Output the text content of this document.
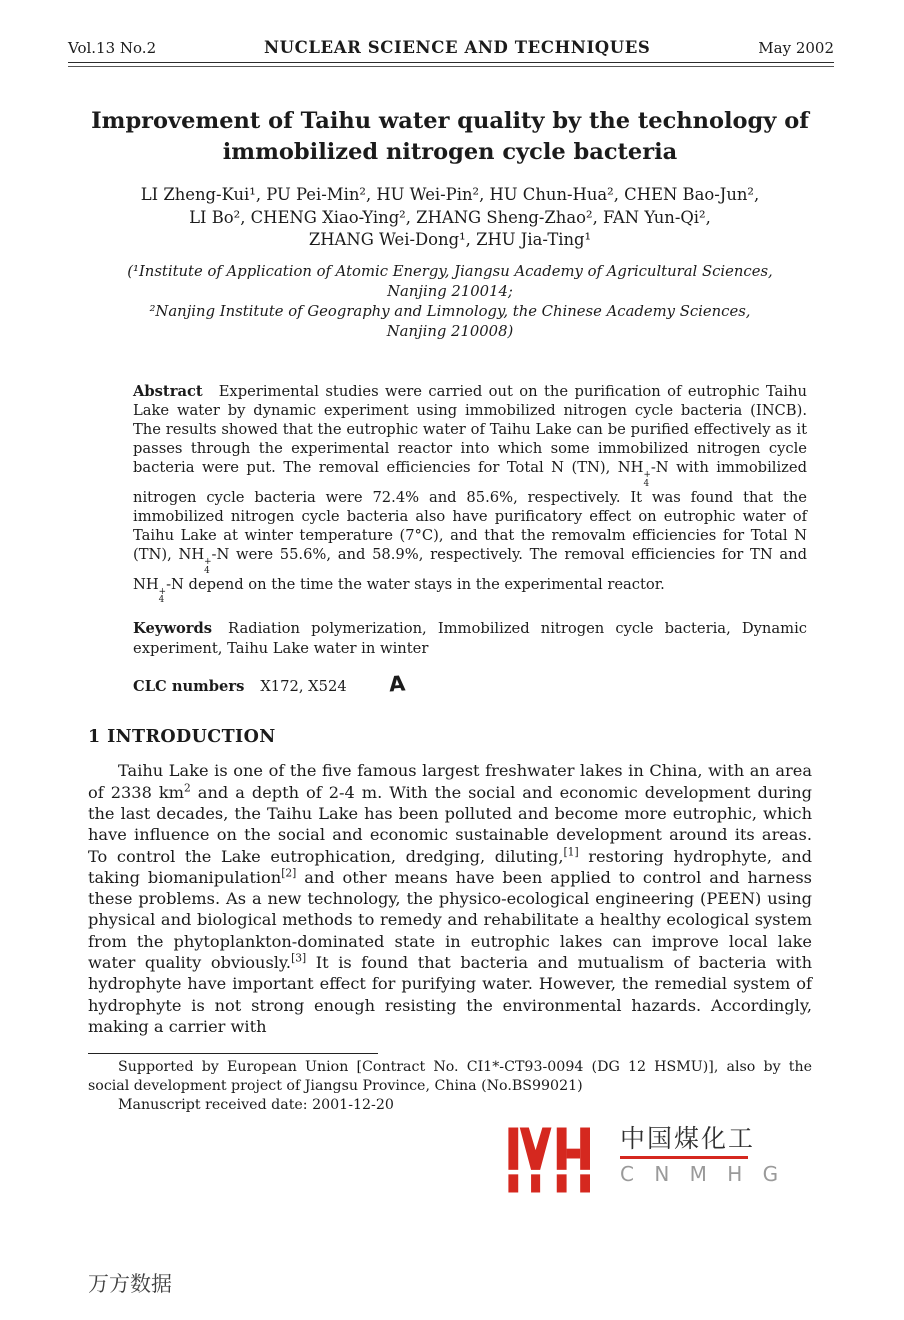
Vol.13 No.2	NUCLEAR SCIENCE AND TECHNIQUES	May 2002
Improvement of Taihu water quality by the technology of
immobilized nitrogen cycle bacteria
LI Zheng-Kui¹, PU Pei-Min², HU Wei-Pin², HU Chun-Hua², CHEN Bao-Jun²,
LI Bo², CHENG Xiao-Ying², ZHANG Sheng-Zhao², FAN Yun-Qi²,
ZHANG Wei-Dong¹, ZHU Jia-Ting¹
(¹Institute of Application of Atomic Energy, Jiangsu Academy of Agricultural Sciences,
Nanjing 210014;
²Nanjing Institute of Geography and Limnology, the Chinese Academy Sciences,
Nanjing 210008)

Abstract Experimental studies were carried out on the purification of eutrophic Taihu Lake water by dynamic experiment using immobilized nitrogen cycle bacteria (INCB). The results showed that the eutrophic water of Taihu Lake can be purified effectively as it passes through the experimental reactor into which some immobilized nitrogen cycle bacteria were put. The removal efficiencies for Total N (TN), NH +
4
-N with immobilized nitrogen cycle bacteria were 72.4% and 85.6%, respectively. It was found that the immobilized nitrogen cycle bacteria also have purificatory effect on eutrophic water of Taihu Lake at winter temperature (7°C), and that the removalm efficiencies for Total N (TN), NH +
4
-N were 55.6%, and 58.9%, respectively. The removal efficiencies for TN and NH +
4
-N depend on the time the water stays in the experimental reactor.

Keywords Radiation polymerization, Immobilized nitrogen cycle bacteria, Dynamic experiment, Taihu Lake water in winter

CLC numbers X172, X524 A

1 INTRODUCTION

Taihu Lake is one of the five famous largest freshwater lakes in China, with an area of 2338 $km^2$ and a depth of 2-4 m. With the social and economic development during the last decades, the Taihu Lake has been polluted and become more eutrophic, which have influence on the social and economic sustainable development around its areas. To control the Lake eutrophication, dredging, diluting,[1] restoring hydrophyte, and taking biomanipulation[2] and other means have been applied to control and harness these problems. As a new technology, the physico-ecological engineering (PEEN) using physical and biological methods to remedy and rehabilitate a healthy ecological system from the phytoplankton-dominated state in eutrophic lakes can improve local lake water quality obviously.[3] It is found that bacteria and mutualism of bacteria with hydrophyte have important effect for purifying water. However, the remedial system of hydrophyte is not strong enough resisting the environmental hazards. Accordingly, making a carrier with

Supported by European Union [Contract No. CI1*-CT93-0094 (DG 12 HSMU)], also by the social development project of Jiangsu Province, China (No.BS99021)

Manuscript received date: 2001-12-20

中国煤化工
C N M H G
万方数据
